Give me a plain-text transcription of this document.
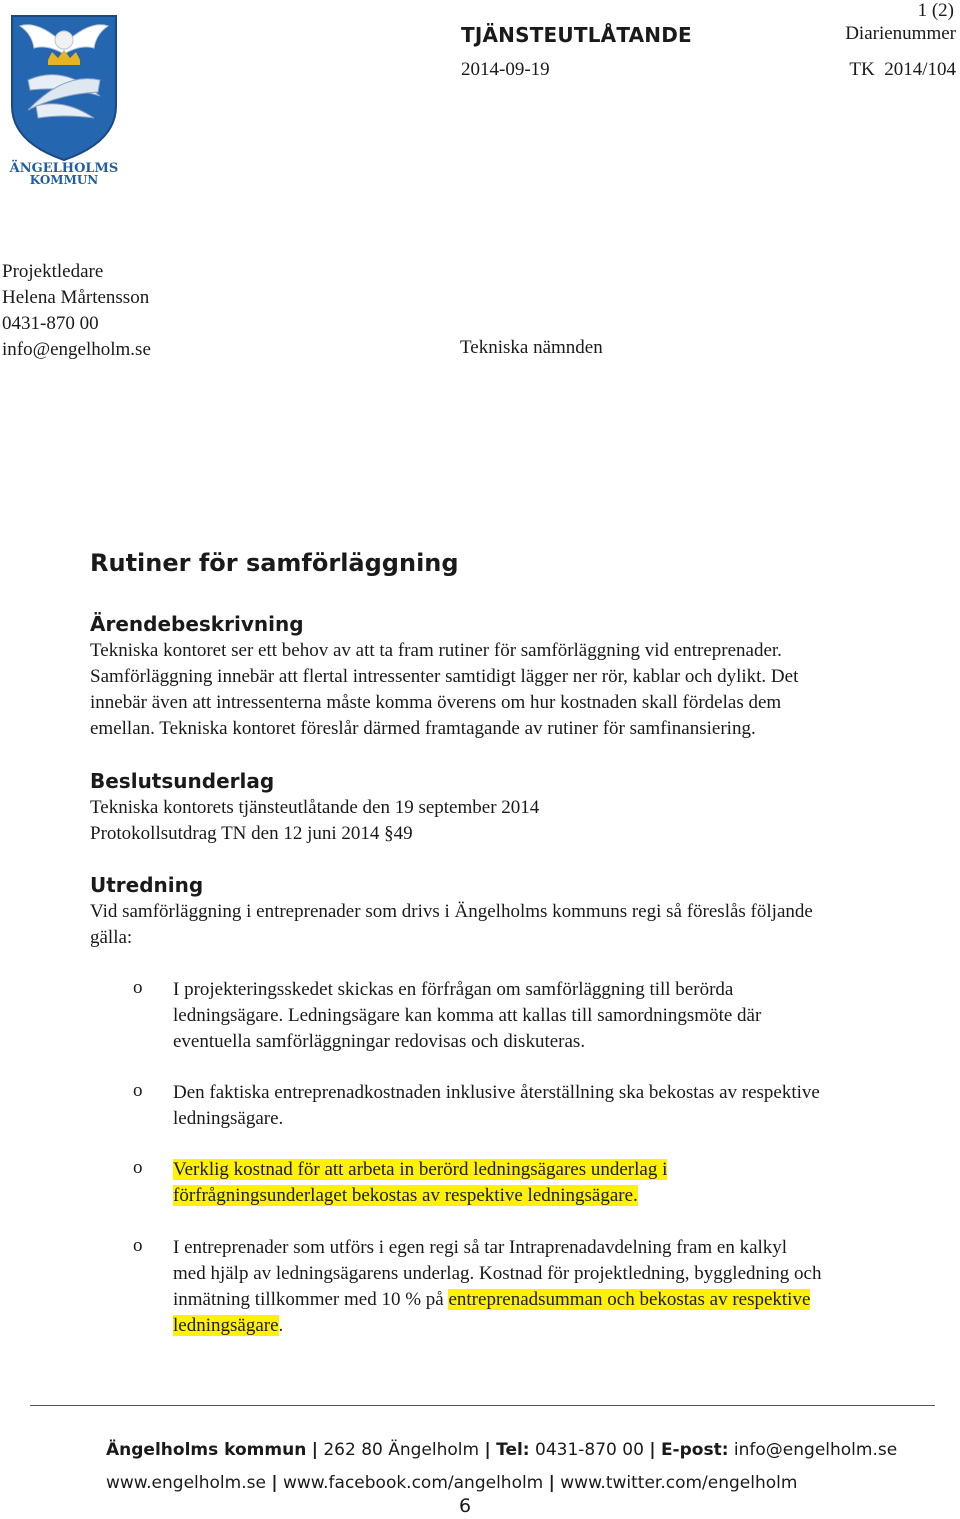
ÄNGELHOLMS
KOMMUN
TJÄNSTEUTLÅTANDE
1 (2)
Diarienummer
2014-09-19	TK  2014/104
Projektledare
Helena Mårtensson
0431-870 00
info@engelholm.se	Tekniska nämnden
Rutiner för samförläggning
Ärendebeskrivning
Tekniska kontoret ser ett behov av att ta fram rutiner för samförläggning vid entreprenader.
Samförläggning innebär att flertal intressenter samtidigt lägger ner rör, kablar och dylikt. Det
innebär även att intressenterna måste komma överens om hur kostnaden skall fördelas dem
emellan. Tekniska kontoret föreslår därmed framtagande av rutiner för samfinansiering.
Beslutsunderlag
Tekniska kontorets tjänsteutlåtande den 19 september 2014
Protokollsutdrag TN den 12 juni 2014 §49
Utredning
Vid samförläggning i entreprenader som drivs i Ängelholms kommuns regi så föreslås följande
gälla:
o I projekteringsskedet skickas en förfrågan om samförläggning till berörda
ledningsägare. Ledningsägare kan komma att kallas till samordningsmöte där
eventuella samförläggningar redovisas och diskuteras.
o Den faktiska entreprenadkostnaden inklusive återställning ska bekostas av respektive
ledningsägare.
o Verklig kostnad för att arbeta in berörd ledningsägares underlag i
förfrågningsunderlaget bekostas av respektive ledningsägare.
o I entreprenader som utförs i egen regi så tar Intraprenadavdelning fram en kalkyl
med hjälp av ledningsägarens underlag. Kostnad för projektledning, byggledning och
inmätning tillkommer med 10 % på entreprenadsumman och bekostas av respektive
ledningsägare.
Ängelholms kommun | 262 80 Ängelholm | Tel: 0431-870 00 | E-post: info@engelholm.se
www.engelholm.se | www.facebook.com/angelholm | www.twitter.com/engelholm
6
